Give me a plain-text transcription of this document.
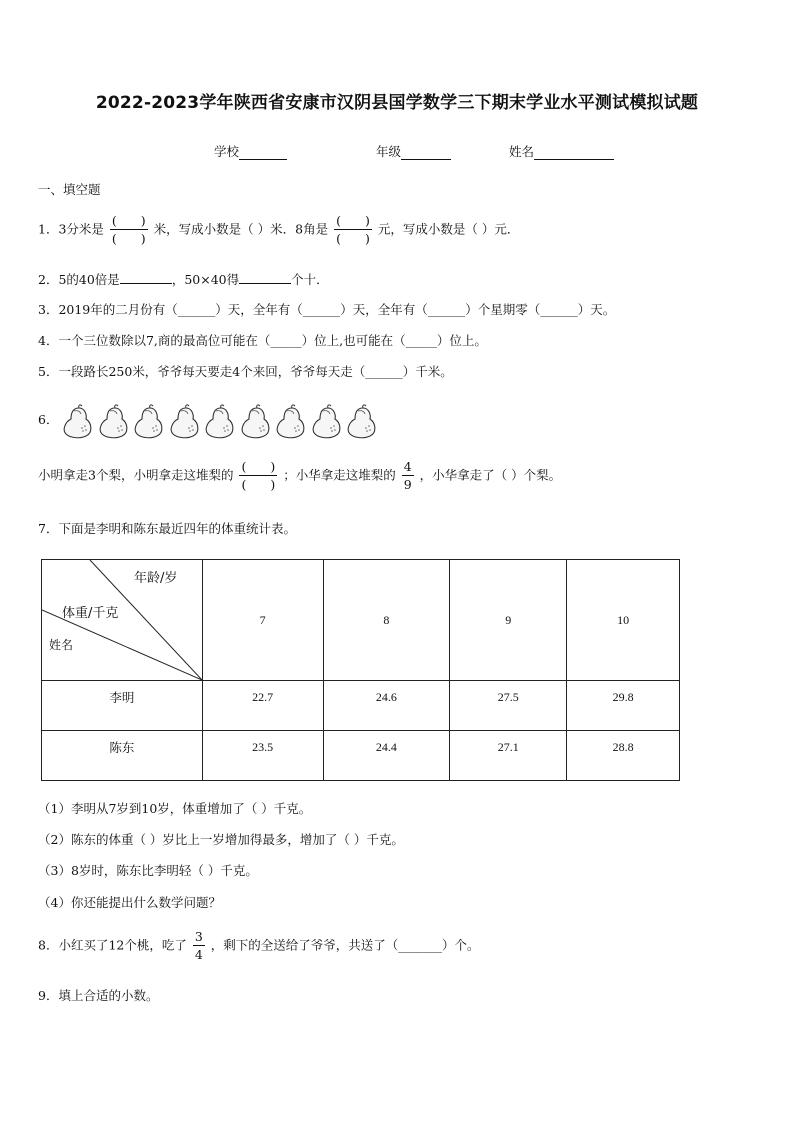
2022-2023学年陕西省安康市汉阴县国学数学三下期末学业水平测试模拟试题
学校	年级	姓名
一、填空题
1．3分米是 $\frac{( )}{( )}$ 米，写成小数是（ ）米．8角是 $\frac{( )}{( )}$ 元，写成小数是（ ）元．
2．5的40倍是	，50×40得	个十．
3．2019年的二月份有（______）天，全年有（______）天，全年有（______）个星期零（______）天。
4．一个三位数除以7,商的最高位可能在（_____）位上,也可能在（_____）位上。
5．一段路长250米，爷爷每天要走4个来回，爷爷每天走（______）千米。
6．
小明拿走3个梨，小明拿走这堆梨的 $\frac{( )}{( )}$ ；小华拿走这堆梨的 $\frac{4}{9}$ ，小华拿走了（ ）个梨。
7．下面是李明和陈东最近四年的体重统计表。
年龄/岁
体重/千克
姓名	7	8	9	10
李明	22.7	24.6	27.5	29.8
陈东	23.5	24.4	27.1	28.8
（1）李明从7岁到10岁，体重增加了（ ）千克。
（2）陈东的体重（ ）岁比上一岁增加得最多，增加了（ ）千克。
（3）8岁时，陈东比李明轻（ ）千克。
（4）你还能提出什么数学问题？
8．小红买了12个桃，吃了 $\frac{3}{4}$ ，剩下的全送给了爷爷，共送了（_______）个。
9．填上合适的小数。
